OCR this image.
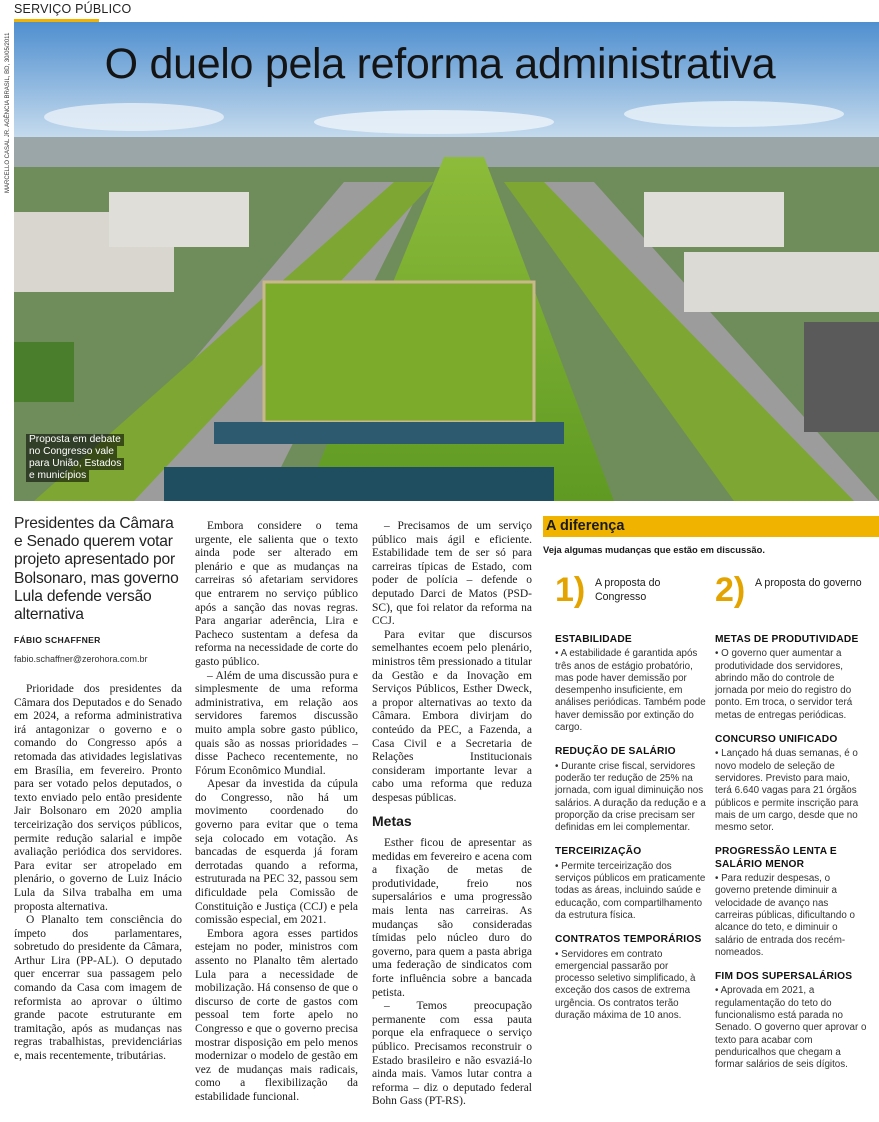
SERVIÇO PÚBLICO
O duelo pela reforma administrativa
MARCELLO CASAL JR. AGÊNCIA BRASIL, BD, 30/05/2011
Proposta em debate
no Congresso vale
para União, Estados
e municípios

Presidentes da Câmara e Senado querem votar projeto apresentado por Bolsonaro, mas governo Lula defende versão alternativa

FÁBIO SCHAFFNER
fabio.schaffner@zerohora.com.br

Prioridade dos presidentes da Câmara dos Deputados e do Senado em 2024, a reforma administrativa irá antagonizar o governo e o comando do Congresso após a retomada das atividades legislativas em Brasília, em fevereiro. Pronto para ser votado pelos deputados, o texto enviado pelo então presidente Jair Bolsonaro em 2020 amplia terceirização dos serviços públicos, permite redução salarial e impõe avaliação periódica dos servidores. Para evitar ser atropelado em plenário, o governo de Luiz Inácio Lula da Silva trabalha em uma proposta alternativa.

O Planalto tem consciência do ímpeto dos parlamentares, sobretudo do presidente da Câmara, Arthur Lira (PP-AL). O deputado quer encerrar sua passagem pelo comando da Casa com imagem de reformista ao aprovar o último grande pacote estruturante em tramitação, após as mudanças nas regras trabalhistas, previdenciárias e, mais recentemente, tributárias.

Embora considere o tema urgente, ele salienta que o texto ainda pode ser alterado em plenário e que as mudanças na carreiras só afetariam servidores que entrarem no serviço público após a sanção das novas regras. Para angariar aderência, Lira e Pacheco sustentam a defesa da reforma na necessidade de corte do gasto público.

– Além de uma discussão pura e simplesmente de uma reforma administrativa, em relação aos servidores faremos discussão muito ampla sobre gasto público, quais são as nossas prioridades – disse Pacheco recentemente, no Fórum Econômico Mundial.

Apesar da investida da cúpula do Congresso, não há um movimento coordenado do governo para evitar que o tema seja colocado em votação. As bancadas de esquerda já foram derrotadas quando a reforma, estruturada na PEC 32, passou sem dificuldade pela Comissão de Constituição e Justiça (CCJ) e pela comissão especial, em 2021.

Embora agora esses partidos estejam no poder, ministros com assento no Planalto têm alertado Lula para a necessidade de mobilização. Há consenso de que o discurso de corte de gastos com pessoal tem forte apelo no Congresso e que o governo precisa mostrar disposição em pelo menos modernizar o modelo de gestão em vez de mudanças mais radicais, como a flexibilização da estabilidade funcional.

– Precisamos de um serviço público mais ágil e eficiente. Estabilidade tem de ser só para carreiras típicas de Estado, com poder de polícia – defende o deputado Darci de Matos (PSD-SC), que foi relator da reforma na CCJ.

Para evitar que discursos semelhantes ecoem pelo plenário, ministros têm pressionado a titular da Gestão e da Inovação em Serviços Públicos, Esther Dweck, a propor alternativas ao texto da Câmara. Embora divirjam do conteúdo da PEC, a Fazenda, a Casa Civil e a Secretaria de Relações Institucionais consideram importante levar a cabo uma reforma que reduza despesas públicas.

Metas

Esther ficou de apresentar as medidas em fevereiro e acena com a fixação de metas de produtividade, freio nos supersalários e uma progressão mais lenta nas carreiras. As mudanças são consideradas tímidas pelo núcleo duro do governo, para quem a pasta abriga uma federação de sindicatos com forte influência sobre a bancada petista.

– Temos preocupação permanente com essa pauta porque ela enfraquece o serviço público. Precisamos reconstruir o Estado brasileiro e não esvaziá-lo ainda mais. Vamos lutar contra a reforma – diz o deputado federal Bohn Gass (PT-RS).

A diferença
Veja algumas mudanças que estão em discussão.
1) A proposta do Congresso	2) A proposta do governo
ESTABILIDADE

• A estabilidade é garantida após três anos de estágio probatório, mas pode haver demissão por desempenho insuficiente, em análises periódicas. Também pode haver demissão por extinção do cargo.

REDUÇÃO DE SALÁRIO

• Durante crise fiscal, servidores poderão ter redução de 25% na jornada, com igual diminuição nos salários. A duração da redução e a proporção da crise precisam ser definidas em lei complementar.

TERCEIRIZAÇÃO

• Permite terceirização dos serviços públicos em praticamente todas as áreas, incluindo saúde e educação, com compartilhamento da estrutura física.

CONTRATOS TEMPORÁRIOS

• Servidores em contrato emergencial passarão por processo seletivo simplificado, à exceção dos casos de extrema urgência. Os contratos terão duração máxima de 10 anos.

METAS DE PRODUTIVIDADE

• O governo quer aumentar a produtividade dos servidores, abrindo mão do controle de jornada por meio do registro do ponto. Em troca, o servidor terá metas de entregas periódicas.

CONCURSO UNIFICADO

• Lançado há duas semanas, é o novo modelo de seleção de servidores. Previsto para maio, terá 6.640 vagas para 21 órgãos públicos e permite inscrição para mais de um cargo, desde que no mesmo setor.

PROGRESSÃO LENTA E SALÁRIO MENOR

• Para reduzir despesas, o governo pretende diminuir a velocidade de avanço nas carreiras públicas, dificultando o alcance do teto, e diminuir o salário de entrada dos recém-nomeados.

FIM DOS SUPERSALÁRIOS

• Aprovada em 2021, a regulamentação do teto do funcionalismo está parada no Senado. O governo quer aprovar o texto para acabar com penduricalhos que chegam a formar salários de seis dígitos.
